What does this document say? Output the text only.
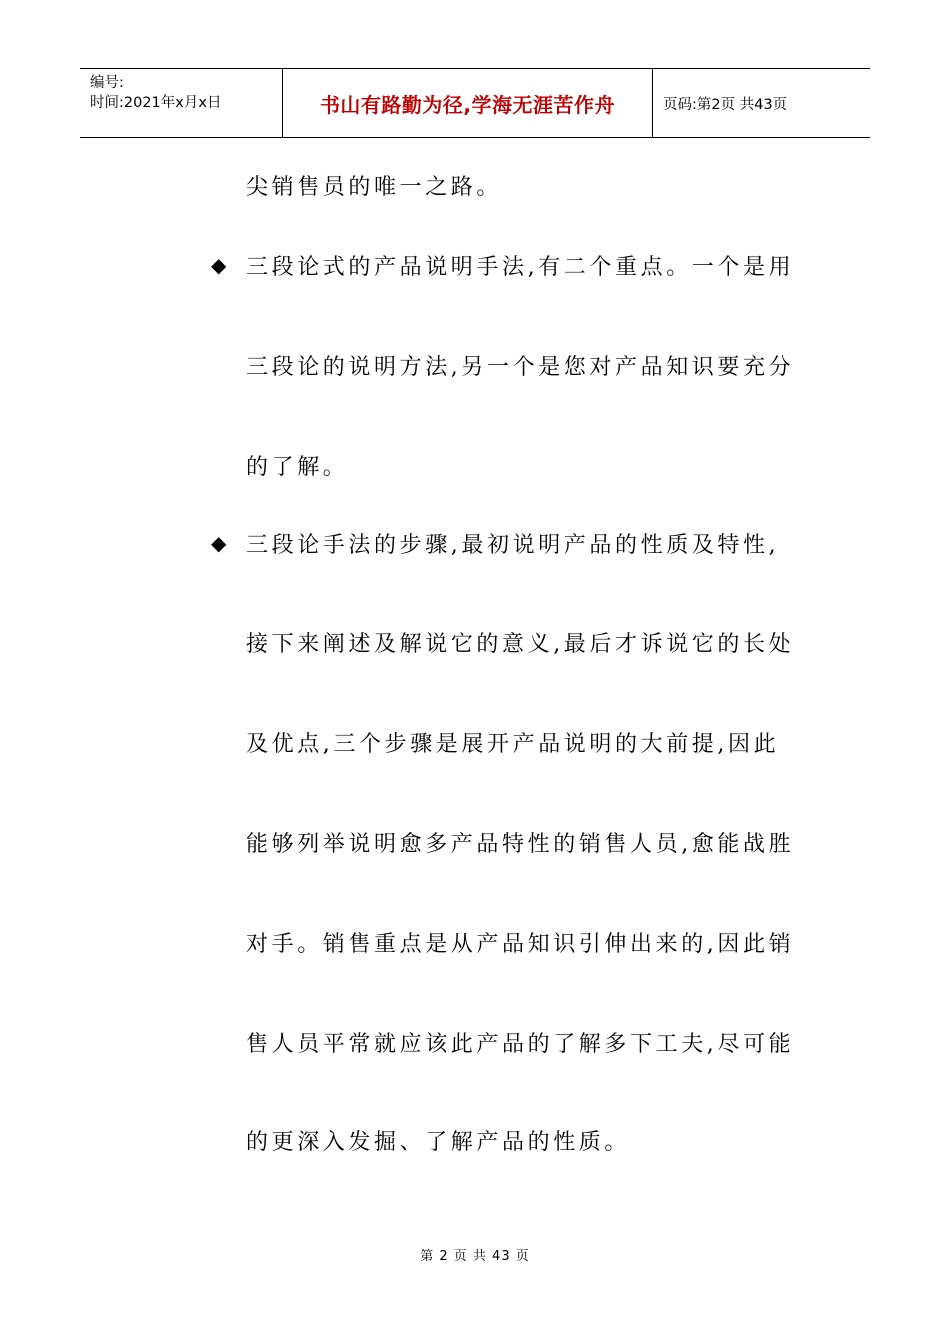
编号:
时间:2021年x月x日	书山有路勤为径,学海无涯苦作舟	页码:第2页 共43页
尖销售员的唯一之路。
◆ 三段论式的产品说明手法,有二个重点。一个是用
三段论的说明方法,另一个是您对产品知识要充分
的了解。
◆ 三段论手法的步骤,最初说明产品的性质及特性,
接下来阐述及解说它的意义,最后才诉说它的长处
及优点,三个步骤是展开产品说明的大前提,因此
能够列举说明愈多产品特性的销售人员,愈能战胜
对手。销售重点是从产品知识引伸出来的,因此销
售人员平常就应该此产品的了解多下工夫,尽可能
的更深入发掘、了解产品的性质。
第 2 页 共 43 页
